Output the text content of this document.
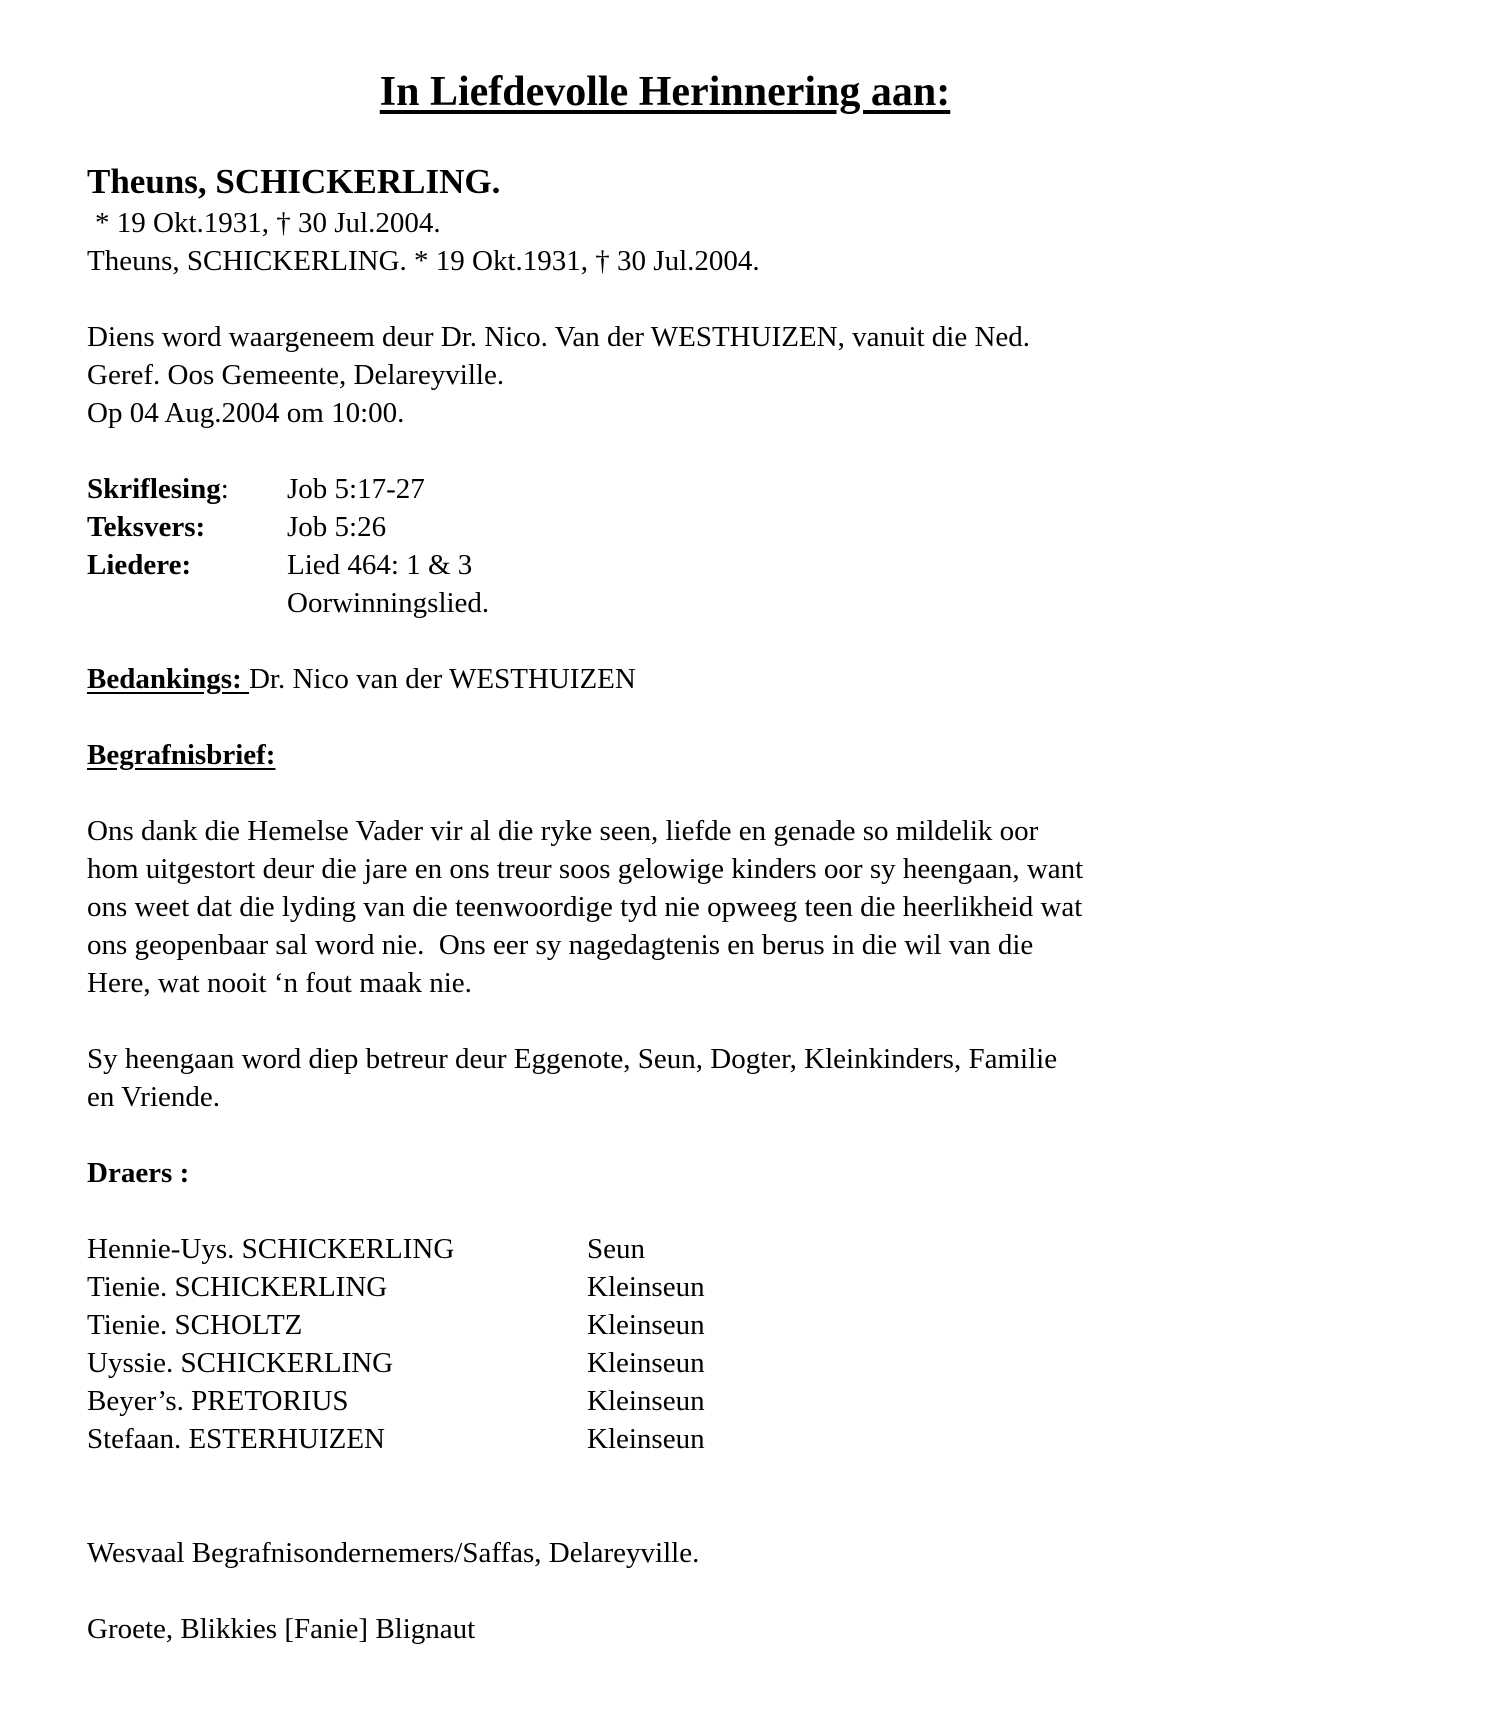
In Liefdevolle Herinnering aan:
Theuns, SCHICKERLING.
* 19 Okt.1931, † 30 Jul.2004.
Theuns, SCHICKERLING. * 19 Okt.1931, † 30 Jul.2004.
Diens word waargeneem deur Dr. Nico. Van der WESTHUIZEN, vanuit die Ned.
Geref. Oos Gemeente, Delareyville.
Op 04 Aug.2004 om 10:00.
Skriflesing:	Job 5:17-27
Teksvers:	Job 5:26
Liedere:	Lied 464: 1 & 3
Oorwinningslied.
Bedankings: Dr. Nico van der WESTHUIZEN
Begrafnisbrief:
Ons dank die Hemelse Vader vir al die ryke seen, liefde en genade so mildelik oor
hom uitgestort deur die jare en ons treur soos gelowige kinders oor sy heengaan, want
ons weet dat die lyding van die teenwoordige tyd nie opweeg teen die heerlikheid wat
ons geopenbaar sal word nie.  Ons eer sy nagedagtenis en berus in die wil van die
Here, wat nooit ‘n fout maak nie.
Sy heengaan word diep betreur deur Eggenote, Seun, Dogter, Kleinkinders, Familie
en Vriende.
Draers :
Hennie-Uys. SCHICKERLING	Seun
Tienie. SCHICKERLING	Kleinseun
Tienie. SCHOLTZ	Kleinseun
Uyssie. SCHICKERLING	Kleinseun
Beyer’s. PRETORIUS	Kleinseun
Stefaan. ESTERHUIZEN	Kleinseun
Wesvaal Begrafnisondernemers/Saffas, Delareyville.
Groete, Blikkies [Fanie] Blignaut
